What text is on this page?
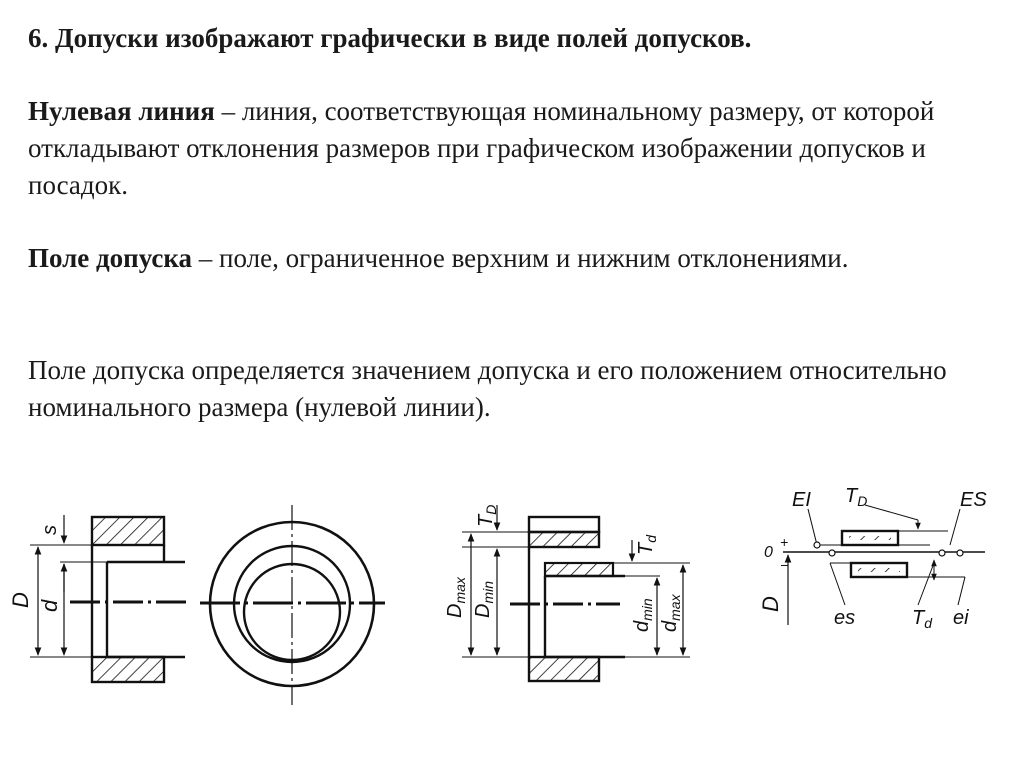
6. Допуски изображают графически в виде полей допусков.

Нулевая линия – линия, соответствующая номинальному размеру, от которой откладывают отклонения размеров при графическом изображении допусков и посадок.

Поле допуска – поле, ограниченное верхним и нижним отклонениями.

Поле допуска определяется значением допуска и его положением относительно номинального размера (нулевой линии).

s
D d
$T_D$
$T_d$
$D_{max}$
$D_{min}$
$d_{min}$
$d_{max}$
EI $T_D$	ES
0
+
−
D
es	$T_d$ ei
